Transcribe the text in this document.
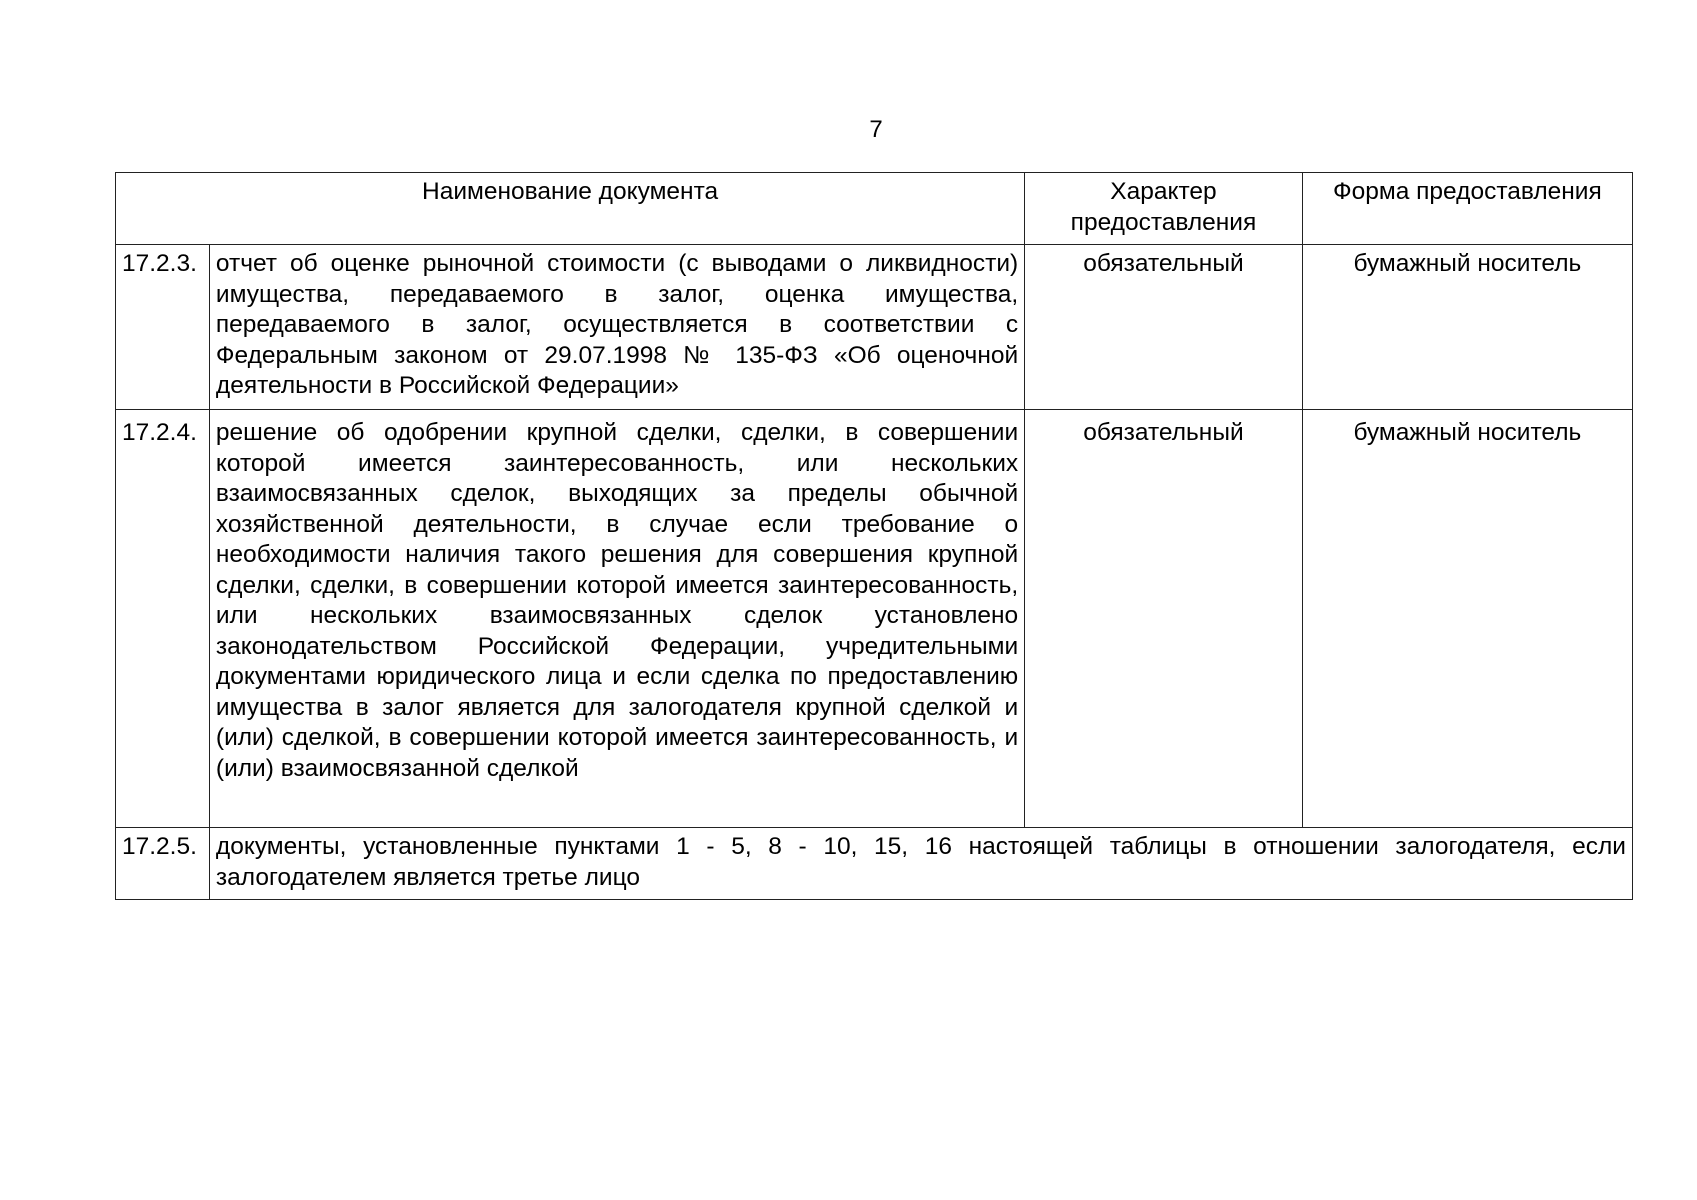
7
Наименование документа		Характер предоставления	Форма предоставления
17.2.3.	отчет об оценке рыночной стоимости (с выводами о ликвидности) имущества, передаваемого в залог, оценка имущества, передаваемого в залог, осуществляется в соответствии с Федеральным законом от 29.07.1998 № 135-ФЗ «Об оценочной деятельности в Российской Федерации»	обязательный	бумажный носитель
17.2.4.	решение об одобрении крупной сделки, сделки, в совершении которой имеется заинтересованность, или нескольких взаимосвязанных сделок, выходящих за пределы обычной хозяйственной деятельности, в случае если требование о необходимости наличия такого решения для совершения крупной сделки, сделки, в совершении которой имеется заинтересованность, или нескольких взаимосвязанных сделок установлено законодательством Российской Федерации, учредительными документами юридического лица и если сделка по предоставлению имущества в залог является для залогодателя крупной сделкой и (или) сделкой, в совершении которой имеется заинтересованность, и (или) взаимосвязанной сделкой	обязательный	бумажный носитель
17.2.5.	документы, установленные пунктами 1 - 5, 8 - 10, 15, 16 настоящей таблицы в отношении залогодателя, если залогодателем является третье лицо		
